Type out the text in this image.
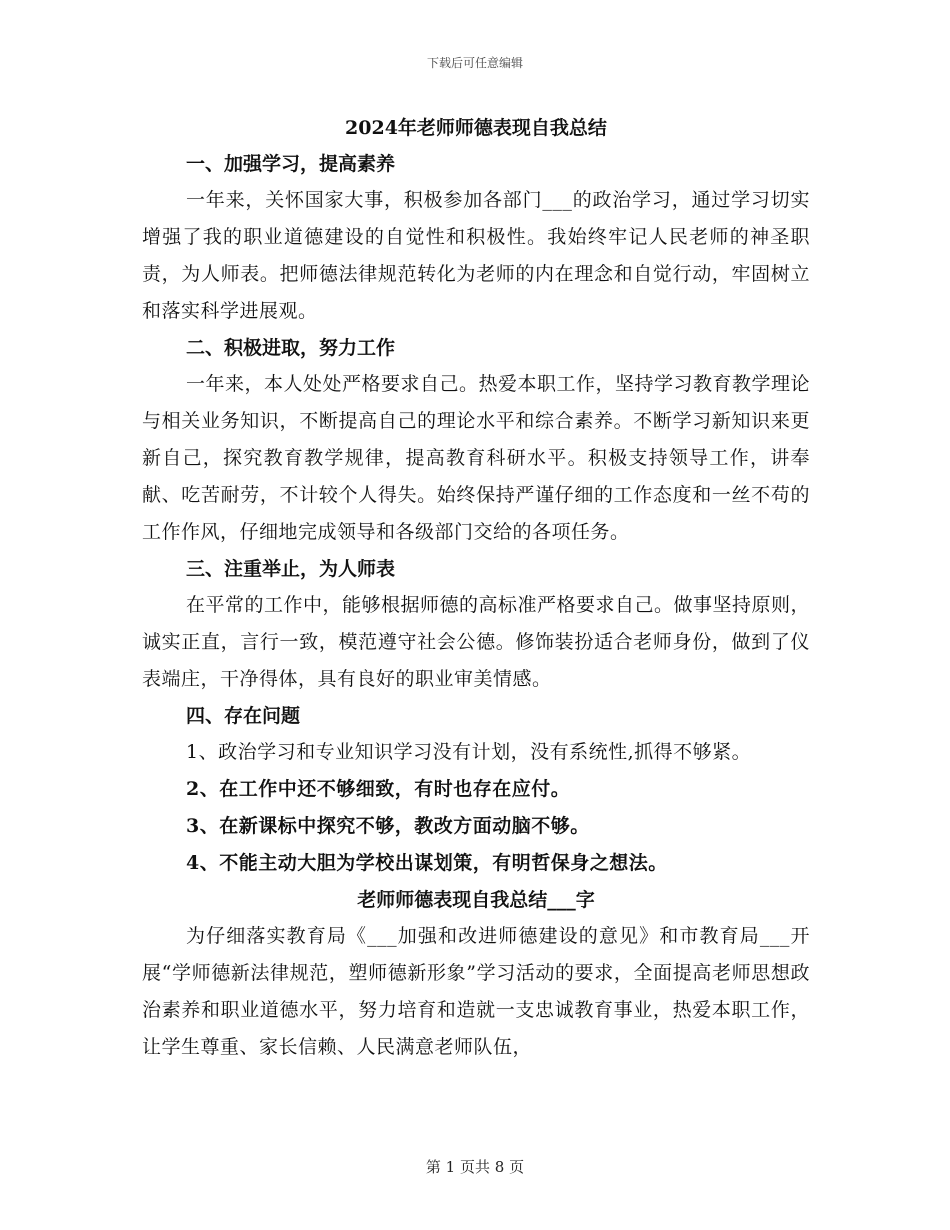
下载后可任意编辑
2024年老师师德表现自我总结
一、加强学习，提高素养

一年来，关怀国家大事，积极参加各部门___的政治学习，通过学习切实增强了我的职业道德建设的自觉性和积极性。我始终牢记人民老师的神圣职责，为人师表。把师德法律规范转化为老师的内在理念和自觉行动，牢固树立和落实科学进展观。

二、积极进取，努力工作

一年来，本人处处严格要求自己。热爱本职工作，坚持学习教育教学理论与相关业务知识，不断提高自己的理论水平和综合素养。不断学习新知识来更新自己，探究教育教学规律，提高教育科研水平。积极支持领导工作，讲奉献、吃苦耐劳，不计较个人得失。始终保持严谨仔细的工作态度和一丝不苟的工作作风，仔细地完成领导和各级部门交给的各项任务。

三、注重举止，为人师表

在平常的工作中，能够根据师德的高标准严格要求自己。做事坚持原则，诚实正直，言行一致，模范遵守社会公德。修饰装扮适合老师身份，做到了仪表端庄，干净得体，具有良好的职业审美情感。

四、存在问题

1、政治学习和专业知识学习没有计划，没有系统性,抓得不够紧。

2、在工作中还不够细致，有时也存在应付。

3、在新课标中探究不够，教改方面动脑不够。

4、不能主动大胆为学校出谋划策，有明哲保身之想法。

老师师德表现自我总结___字

为仔细落实教育局《___加强和改进师德建设的意见》和市教育局___开展“学师德新法律规范，塑师德新形象”学习活动的要求，全面提高老师思想政治素养和职业道德水平，努力培育和造就一支忠诚教育事业，热爱本职工作，让学生尊重、家长信赖、人民满意老师队伍，

第 1 页共 8 页
